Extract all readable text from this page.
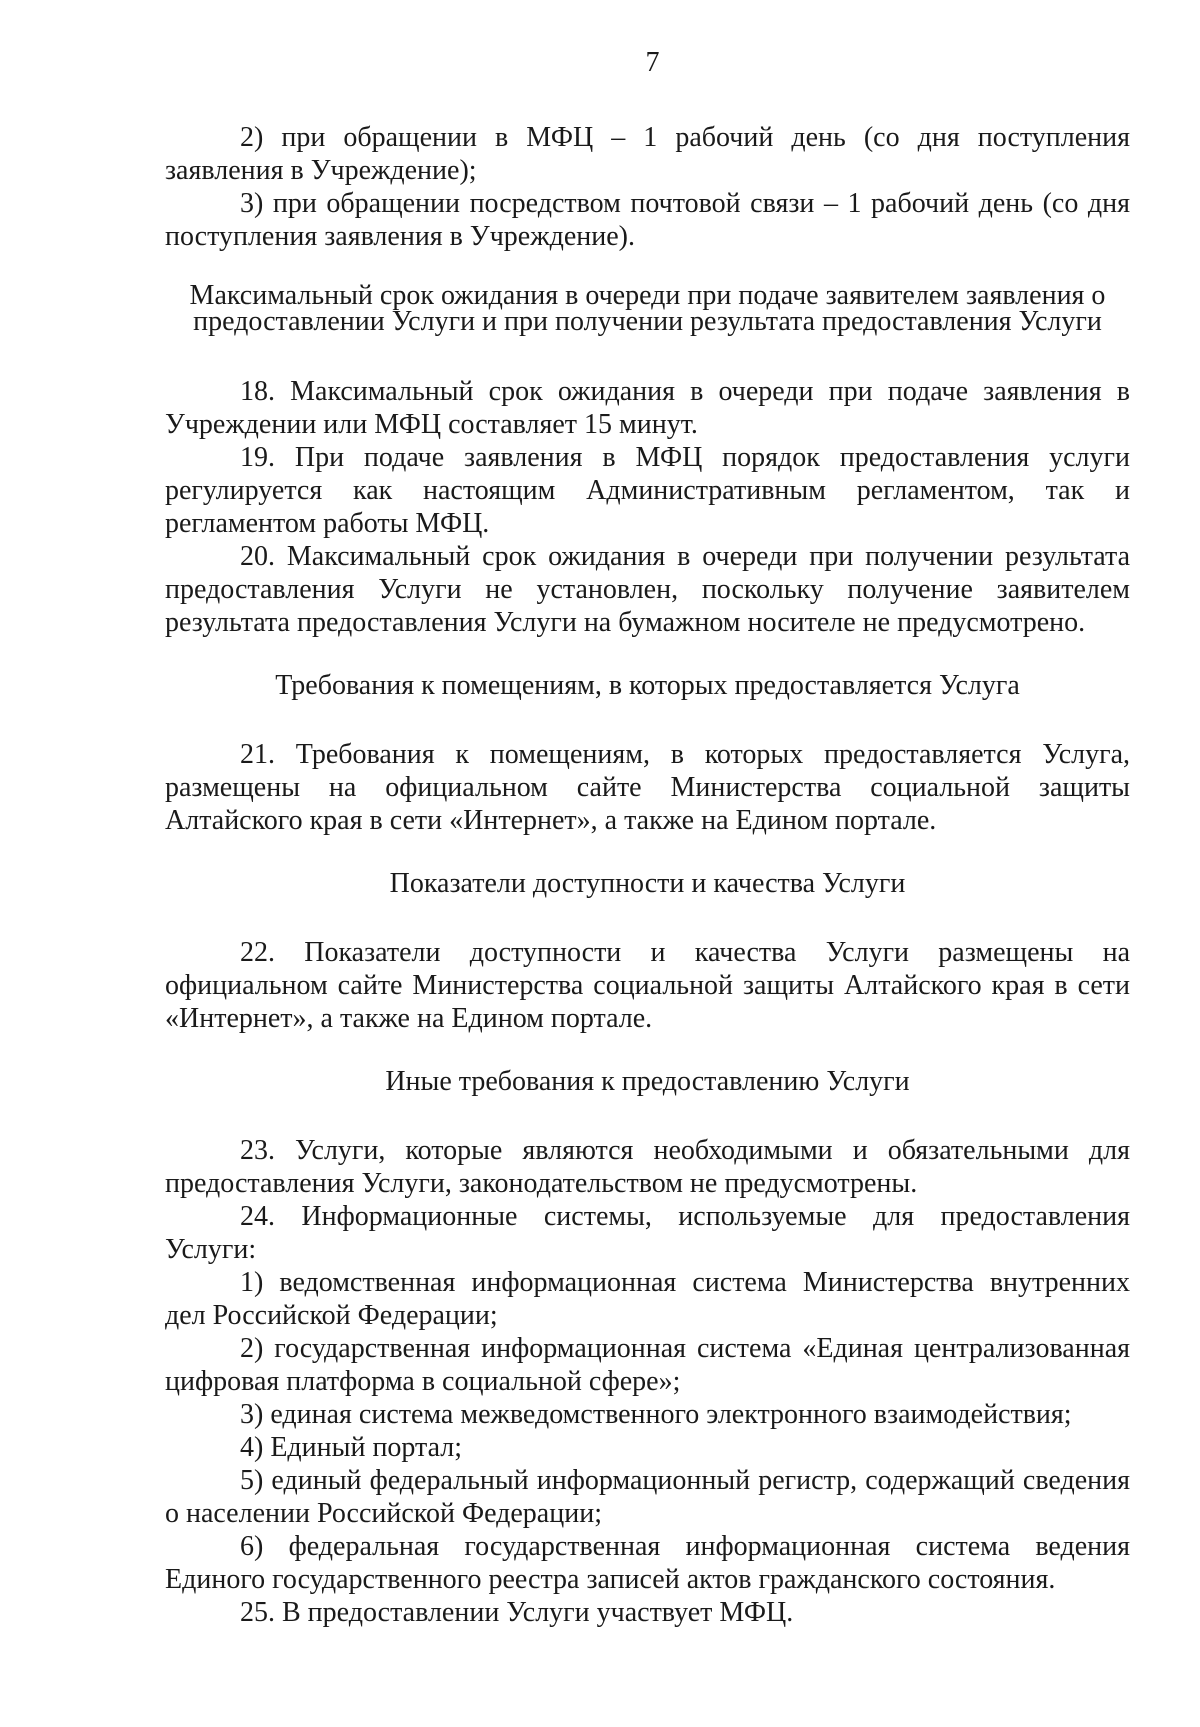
7

2) при обращении в МФЦ – 1 рабочий день (со дня поступления заявления в Учреждение);

3) при обращении посредством почтовой связи – 1 рабочий день (со дня поступления заявления в Учреждение).

Максимальный срок ожидания в очереди при подаче заявителем заявления о предоставлении Услуги и при получении результата предоставления Услуги

18. Максимальный срок ожидания в очереди при подаче заявления в Учреждении или МФЦ составляет 15 минут.

19. При подаче заявления в МФЦ порядок предоставления услуги регулируется как настоящим Административным регламентом, так и регламентом работы МФЦ.

20. Максимальный срок ожидания в очереди при получении результата предоставления Услуги не установлен, поскольку получение заявителем результата предоставления Услуги на бумажном носителе не предусмотрено.

Требования к помещениям, в которых предоставляется Услуга

21. Требования к помещениям, в которых предоставляется Услуга, размещены на официальном сайте Министерства социальной защиты Алтайского края в сети «Интернет», а также на Едином портале.

Показатели доступности и качества Услуги

22. Показатели доступности и качества Услуги размещены на официальном сайте Министерства социальной защиты Алтайского края в сети «Интернет», а также на Едином портале.

Иные требования к предоставлению Услуги

23. Услуги, которые являются необходимыми и обязательными для предоставления Услуги, законодательством не предусмотрены.

24. Информационные системы, используемые для предоставления Услуги:

1) ведомственная информационная система Министерства внутренних дел Российской Федерации;

2) государственная информационная система «Единая централизованная цифровая платформа в социальной сфере»;

3) единая система межведомственного электронного взаимодействия;

4) Единый портал;

5) единый федеральный информационный регистр, содержащий сведения о населении Российской Федерации;

6) федеральная государственная информационная система ведения Единого государственного реестра записей актов гражданского состояния.

25. В предоставлении Услуги участвует МФЦ.
